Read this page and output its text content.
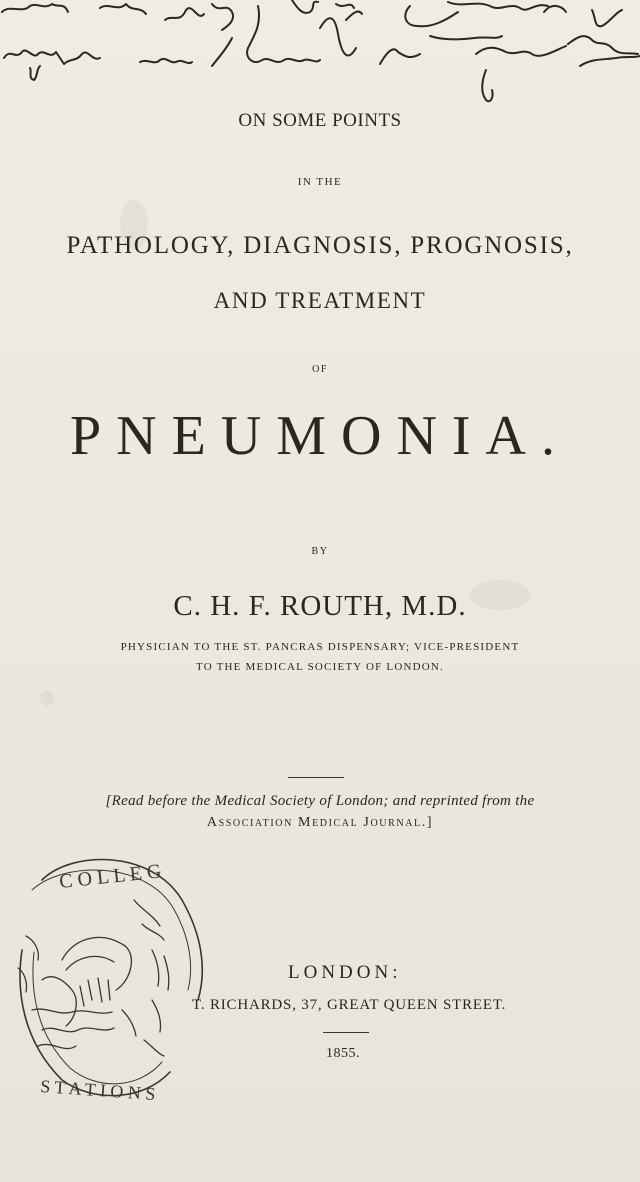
ON SOME POINTS
IN THE
PATHOLOGY, DIAGNOSIS, PROGNOSIS,
AND TREATMENT
OF
PNEUMONIA.
BY
C. H. F. ROUTH, M.D.
PHYSICIAN TO THE ST. PANCRAS DISPENSARY; VICE-PRESIDENT
TO THE MEDICAL SOCIETY OF LONDON.
[Read before the Medical Society of London; and reprinted from the
Association Medical Journal.]
C O L L E G
S T A T I O N S
LONDON:
T. RICHARDS, 37, GREAT QUEEN STREET.
1855.
